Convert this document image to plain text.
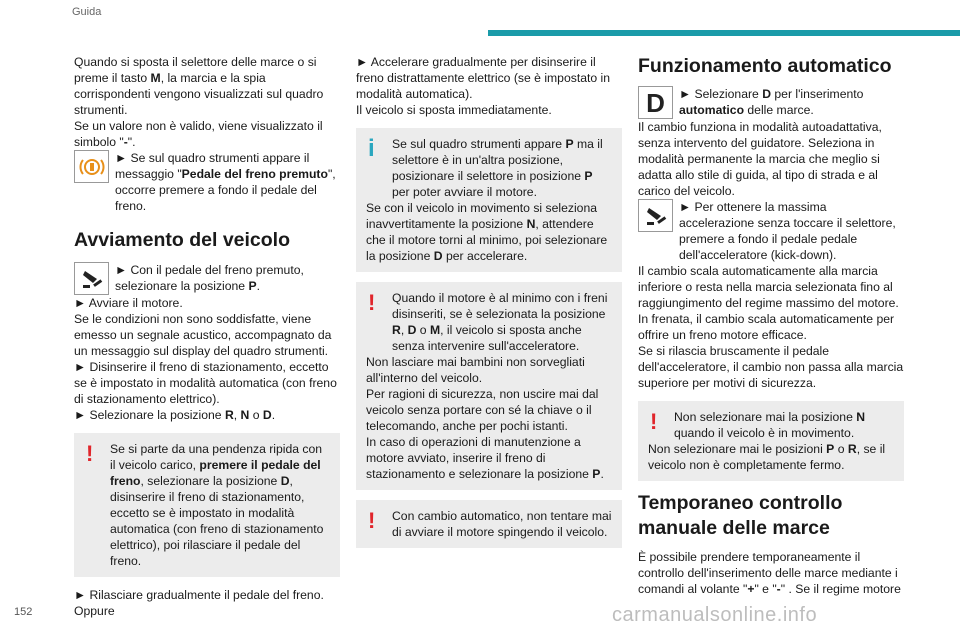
Guida

Quando si sposta il selettore delle marce o si preme il tasto M, la marcia e la spia corrispondenti vengono visualizzati sul quadro strumenti.
Se un valore non è valido, viene visualizzato il simbolo "-".

► Se sul quadro strumenti appare il messaggio "Pedale del freno premuto", occorre premere a fondo il pedale del freno.

Avviamento del veicolo

► Con il pedale del freno premuto, selezionare la posizione P.

► Avviare il motore.

Se le condizioni non sono soddisfatte, viene emesso un segnale acustico, accompagnato da un messaggio sul display del quadro strumenti.

► Disinserire il freno di stazionamento, eccetto se è impostato in modalità automatica (con freno di stazionamento elettrico).

► Selezionare la posizione R, N o D.

!	Se si parte da una pendenza ripida con il veicolo carico, premere il pedale del freno, selezionare la posizione D, disinserire il freno di stazionamento, eccetto se è impostato in modalità automatica (con freno di stazionamento elettrico), poi rilasciare il pedale del freno.

► Rilasciare gradualmente il pedale del freno. Oppure

► Accelerare gradualmente per disinserire il freno distrattamente elettrico (se è impostato in modalità automatica).

Il veicolo si sposta immediatamente.

i	Se sul quadro strumenti appare P ma il selettore è in un'altra posizione, posizionare il selettore in posizione P per poter avviare il motore.

Se con il veicolo in movimento si seleziona inavvertitamente la posizione N, attendere che il motore torni al minimo, poi selezionare la posizione D per accelerare.

!	Quando il motore è al minimo con i freni disinseriti, se è selezionata la posizione R, D o M, il veicolo si sposta anche senza intervenire sull'acceleratore.

Non lasciare mai bambini non sorvegliati all'interno del veicolo.

Per ragioni di sicurezza, non uscire mai dal veicolo senza portare con sé la chiave o il telecomando, anche per pochi istanti.

In caso di operazioni di manutenzione a motore avviato, inserire il freno di stazionamento e selezionare la posizione P.

!	Con cambio automatico, non tentare mai di avviare il motore spingendo il veicolo.

Funzionamento automatico
D ► Selezionare D per l'inserimento automatico delle marce.

Il cambio funziona in modalità autoadattativa, senza intervento del guidatore. Seleziona in modalità permanente la marcia che meglio si adatta allo stile di guida, al tipo di strada e al carico del veicolo.

► Per ottenere la massima accelerazione senza toccare il selettore, premere a fondo il pedale pedale dell'acceleratore (kick-down).

Il cambio scala automaticamente alla marcia inferiore o resta nella marcia selezionata fino al raggiungimento del regime massimo del motore.

In frenata, il cambio scala automaticamente per offrire un freno motore efficace.

Se si rilascia bruscamente il pedale dell'acceleratore, il cambio non passa alla marcia superiore per motivi di sicurezza.

!	Non selezionare mai la posizione N quando il veicolo è in movimento.

Non selezionare mai le posizioni P o R, se il veicolo non è completamente fermo.

Temporaneo controllo manuale delle marce

È possibile prendere temporaneamente il controllo dell'inserimento delle marce mediante i comandi al volante "+" e "-" . Se il regime motore

152	carmanualsonline.info
